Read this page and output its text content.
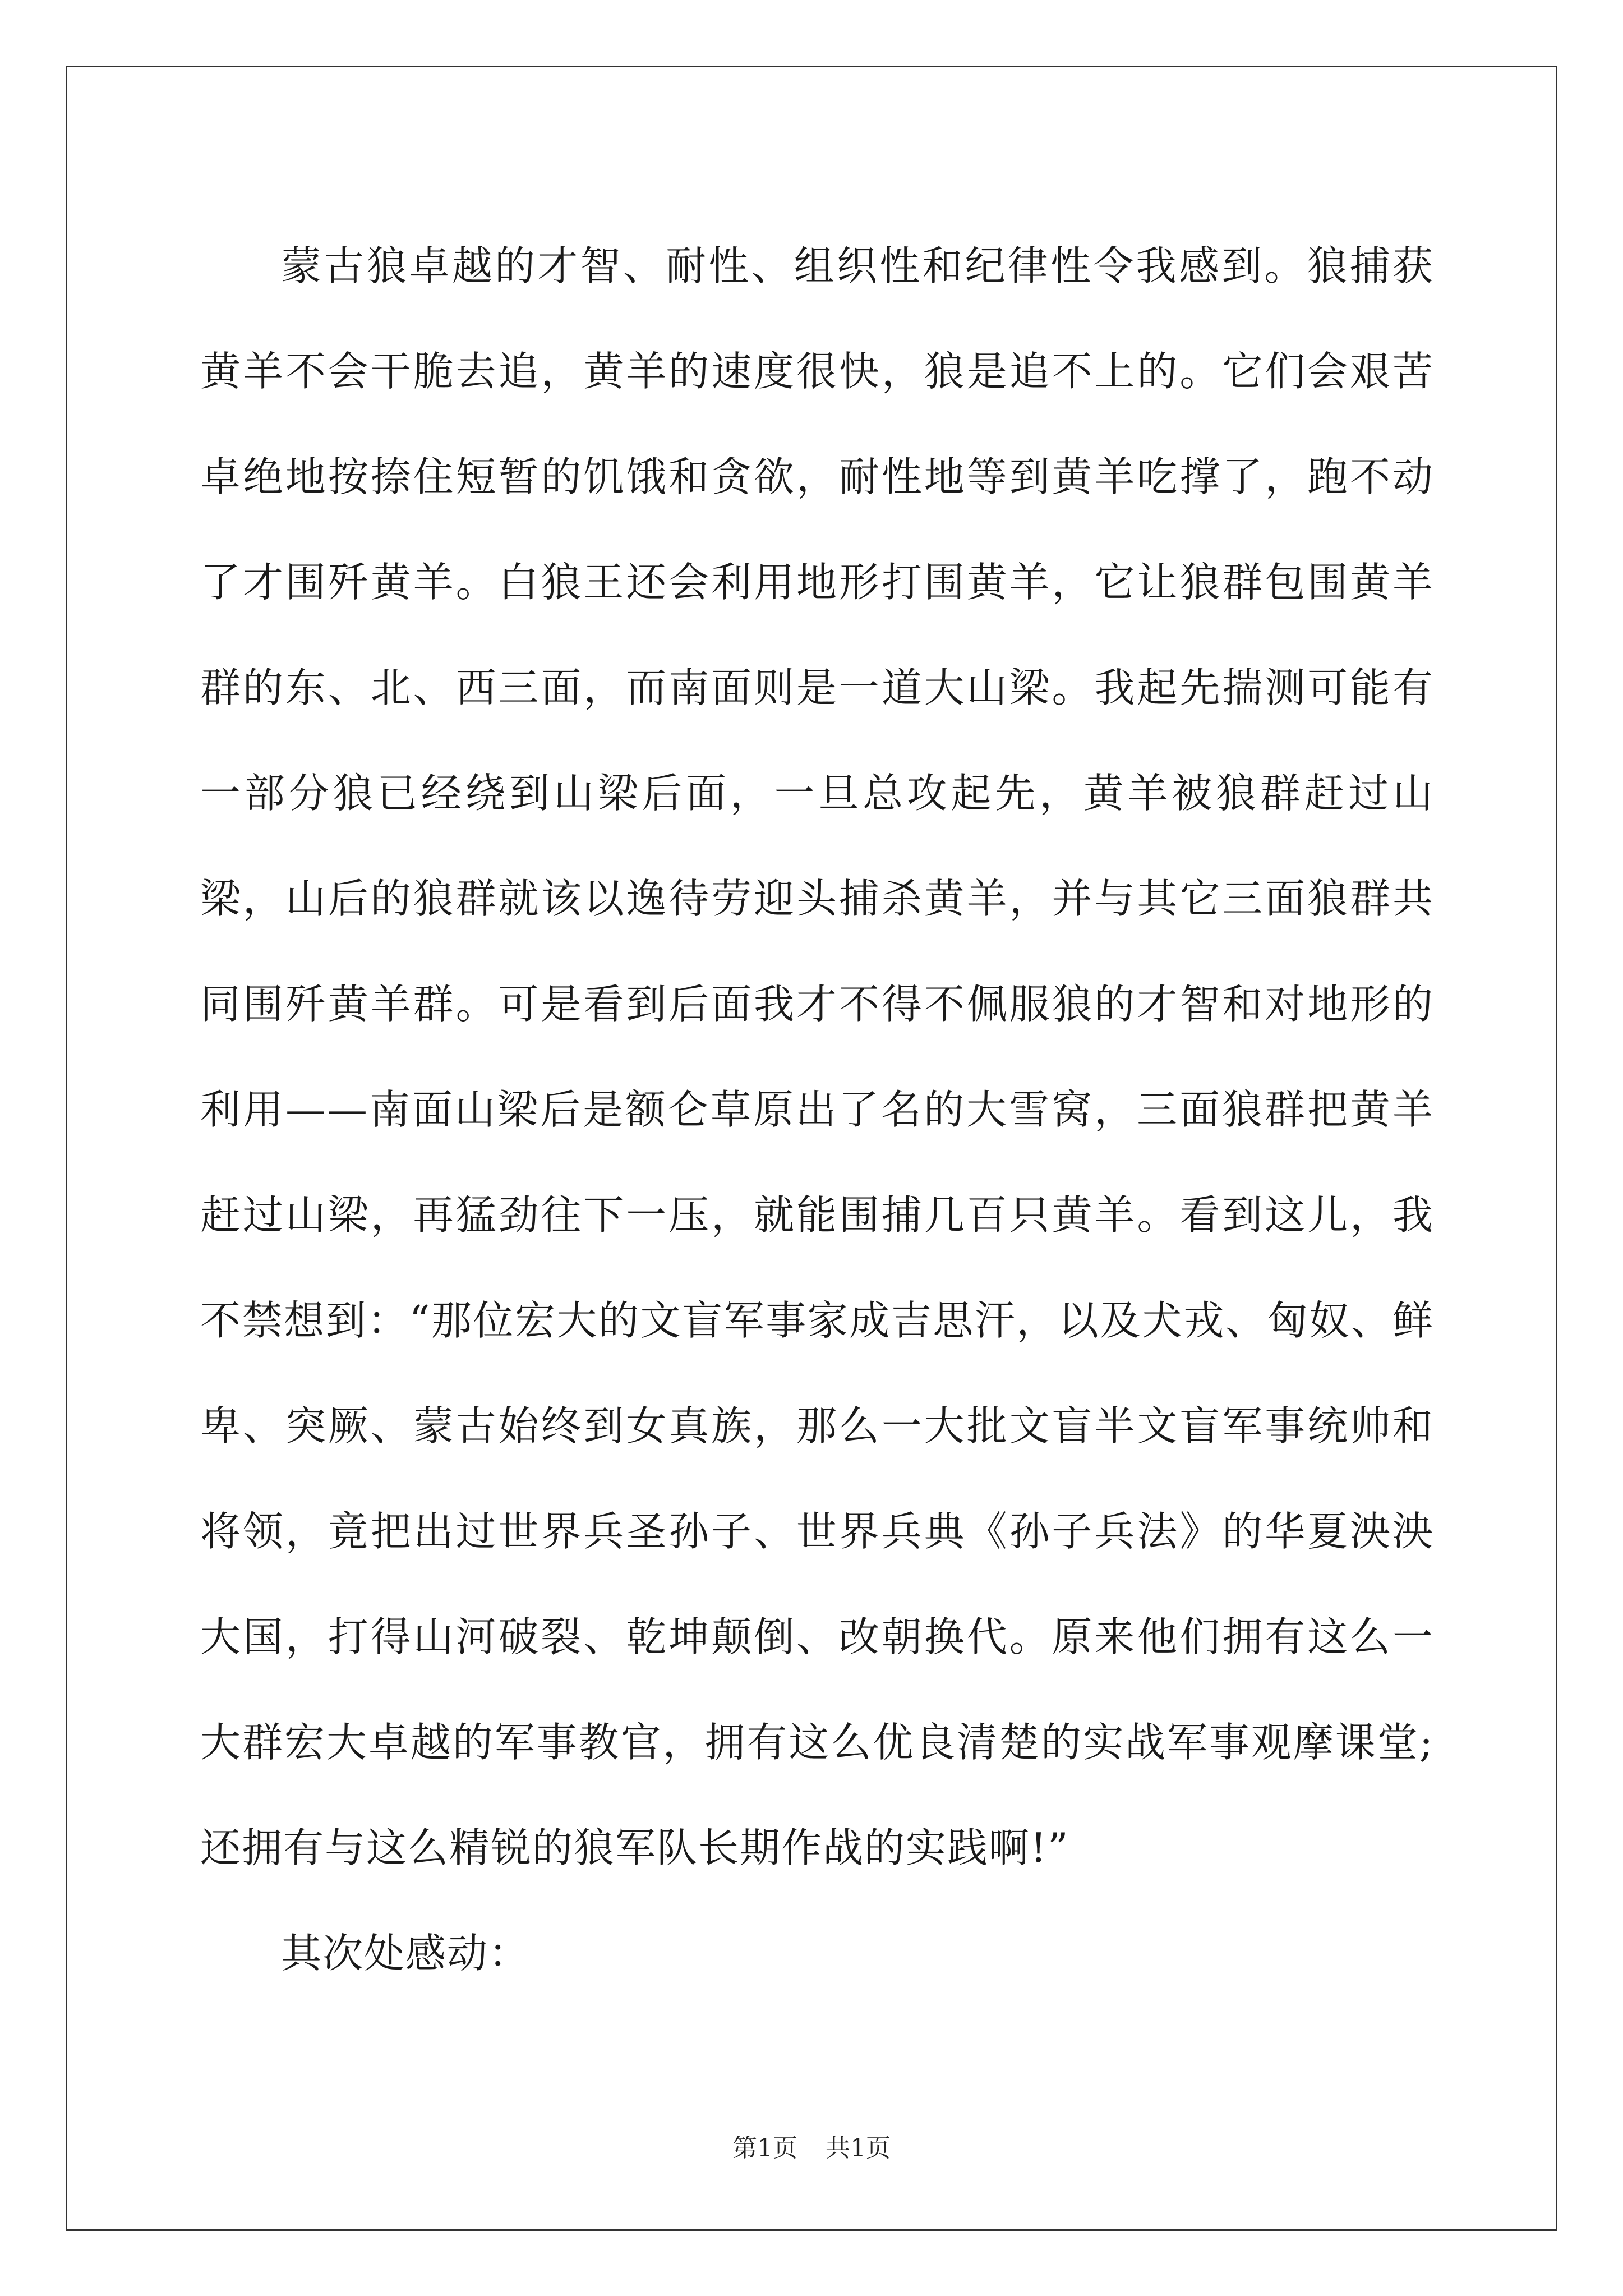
蒙古狼卓越的才智、耐性、组织性和纪律性令我感到。狼捕获黄羊不会干脆去追，黄羊的速度很快，狼是追不上的。它们会艰苦卓绝地按捺住短暂的饥饿和贪欲，耐性地等到黄羊吃撑了，跑不动了才围歼黄羊。白狼王还会利用地形打围黄羊，它让狼群包围黄羊群的东、北、西三面，而南面则是一道大山梁。我起先揣测可能有一部分狼已经绕到山梁后面，一旦总攻起先，黄羊被狼群赶过山梁，山后的狼群就该以逸待劳迎头捕杀黄羊，并与其它三面狼群共同围歼黄羊群。可是看到后面我才不得不佩服狼的才智和对地形的利用——南面山梁后是额仑草原出了名的大雪窝，三面狼群把黄羊赶过山梁，再猛劲往下一压，就能围捕几百只黄羊。看到这儿，我不禁想到：“那位宏大的文盲军事家成吉思汗，以及犬戎、匈奴、鲜卑、突厥、蒙古始终到女真族，那么一大批文盲半文盲军事统帅和将领，竟把出过世界兵圣孙子、世界兵典《孙子兵法》的华夏泱泱大国，打得山河破裂、乾坤颠倒、改朝换代。原来他们拥有这么一大群宏大卓越的军事教官，拥有这么优良清楚的实战军事观摩课堂;还拥有与这么精锐的狼军队长期作战的实践啊!”

其次处感动：

第1页 共1页
